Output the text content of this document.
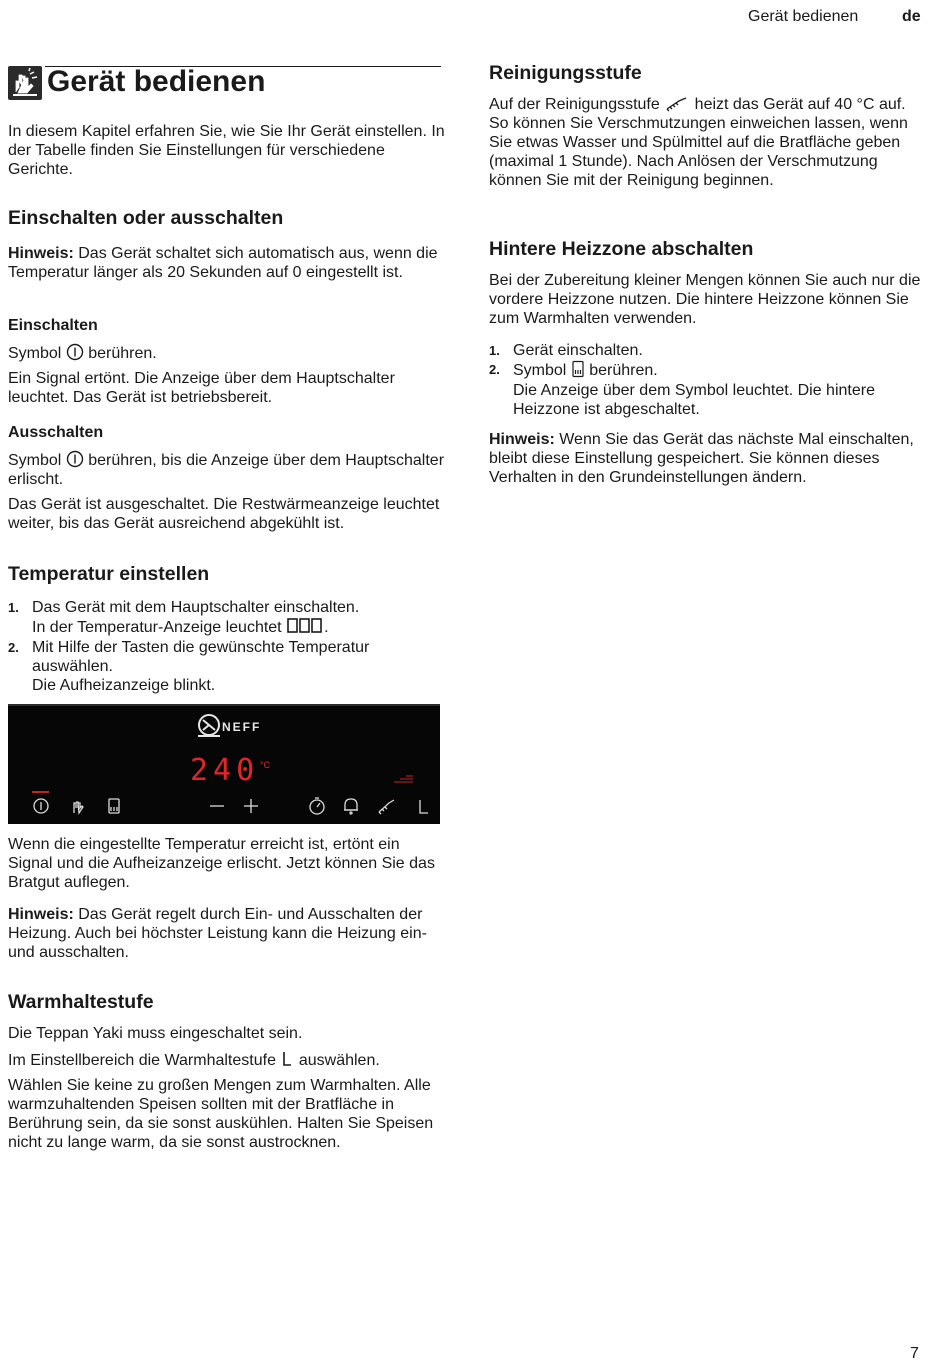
Gerät bedienen	de
Gerät bedienen
In diesem Kapitel erfahren Sie, wie Sie Ihr Gerät einstellen. In der Tabelle finden Sie Einstellungen für verschiedene Gerichte.
Einschalten oder ausschalten
Hinweis: Das Gerät schaltet sich automatisch aus, wenn die Temperatur länger als 20 Sekunden auf 0 eingestellt ist.
Einschalten
Symbol  berühren.
Ein Signal ertönt. Die Anzeige über dem Hauptschalter leuchtet. Das Gerät ist betriebsbereit.
Ausschalten
Symbol  berühren, bis die Anzeige über dem Hauptschalter erlischt.
Das Gerät ist ausgeschaltet. Die Restwärmeanzeige leuchtet weiter, bis das Gerät ausreichend abgekühlt ist.
Temperatur einstellen
1. Das Gerät mit dem Hauptschalter einschalten.
In der Temperatur-Anzeige leuchtet .
2. Mit Hilfe der Tasten die gewünschte Temperatur auswählen.
Die Aufheizanzeige blinkt.
NEFF
240 °C
Wenn die eingestellte Temperatur erreicht ist, ertönt ein Signal und die Aufheizanzeige erlischt. Jetzt können Sie das Bratgut auflegen.
Hinweis: Das Gerät regelt durch Ein- und Ausschalten der Heizung. Auch bei höchster Leistung kann die Heizung ein- und ausschalten.
Warmhaltestufe
Die Teppan Yaki muss eingeschaltet sein.
Im Einstellbereich die Warmhaltestufe  auswählen.
Wählen Sie keine zu großen Mengen zum Warmhalten. Alle warmzuhaltenden Speisen sollten mit der Bratfläche in Berührung sein, da sie sonst auskühlen. Halten Sie Speisen nicht zu lange warm, da sie sonst austrocknen.
Reinigungsstufe
Auf der Reinigungsstufe  heizt das Gerät auf 40 °C auf. So können Sie Verschmutzungen einweichen lassen, wenn Sie etwas Wasser und Spülmittel auf die Bratfläche geben (maximal 1 Stunde). Nach Anlösen der Verschmutzung können Sie mit der Reinigung beginnen.
Hintere Heizzone abschalten
Bei der Zubereitung kleiner Mengen können Sie auch nur die vordere Heizzone nutzen. Die hintere Heizzone können Sie zum Warmhalten verwenden.
1. Gerät einschalten.
2. Symbol  berühren.
Die Anzeige über dem Symbol leuchtet. Die hintere Heizzone ist abgeschaltet.
Hinweis: Wenn Sie das Gerät das nächste Mal einschalten, bleibt diese Einstellung gespeichert. Sie können dieses Verhalten in den Grundeinstellungen ändern.
7
